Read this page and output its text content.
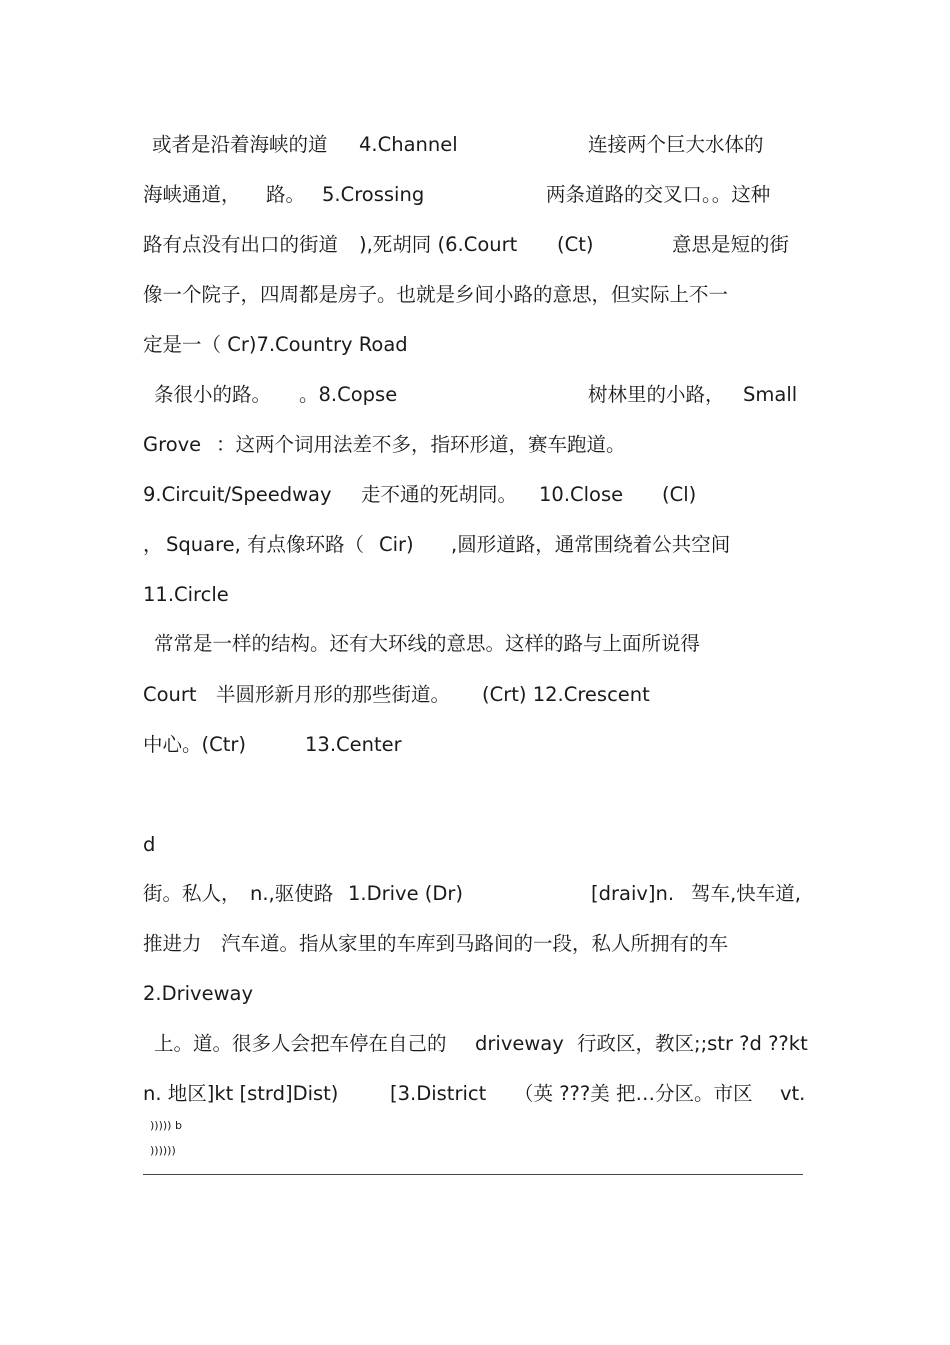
或者是沿着海峡的道 4.Channel	连接两个巨大水体的
海峡通道， 路。 5.Crossing	两条道路的交叉口。。这种
路有点没有出口的街道 ),死胡同 (6.Court (Ct)	意思是短的街
像一个院子，四周都是房子。也就是乡间小路的意思，但实际上不一
定是一（ Cr)7.Country Road
条很小的路。 。8.Copse	树林里的小路， Small
Grove ：这两个词用法差不多，指环形道，赛车跑道。
9.Circuit/Speedway 走不通的死胡同。 10.Close (Cl)
， Square, 有点像环路（ Cir) ,圆形道路，通常围绕着公共空间
11.Circle
常常是一样的结构。还有大环线的意思。这样的路与上面所说得
Court 半圆形新月形的那些街道。 (Crt) 12.Crescent
中心。(Ctr)	13.Center
d
街。私人， n.,驱使路 1.Drive (Dr)	[draiv]n. 驾车,快车道,
推进力 汽车道。指从家里的车库到马路间的一段，私人所拥有的车
2.Driveway
上。道。很多人会把车停在自己的 driveway 行政区，教区;;str ?d ??kt
n. 地区]kt [strd]Dist)	[3.District （英 ???美 把…分区。市区 vt.
))))) b
))))))
